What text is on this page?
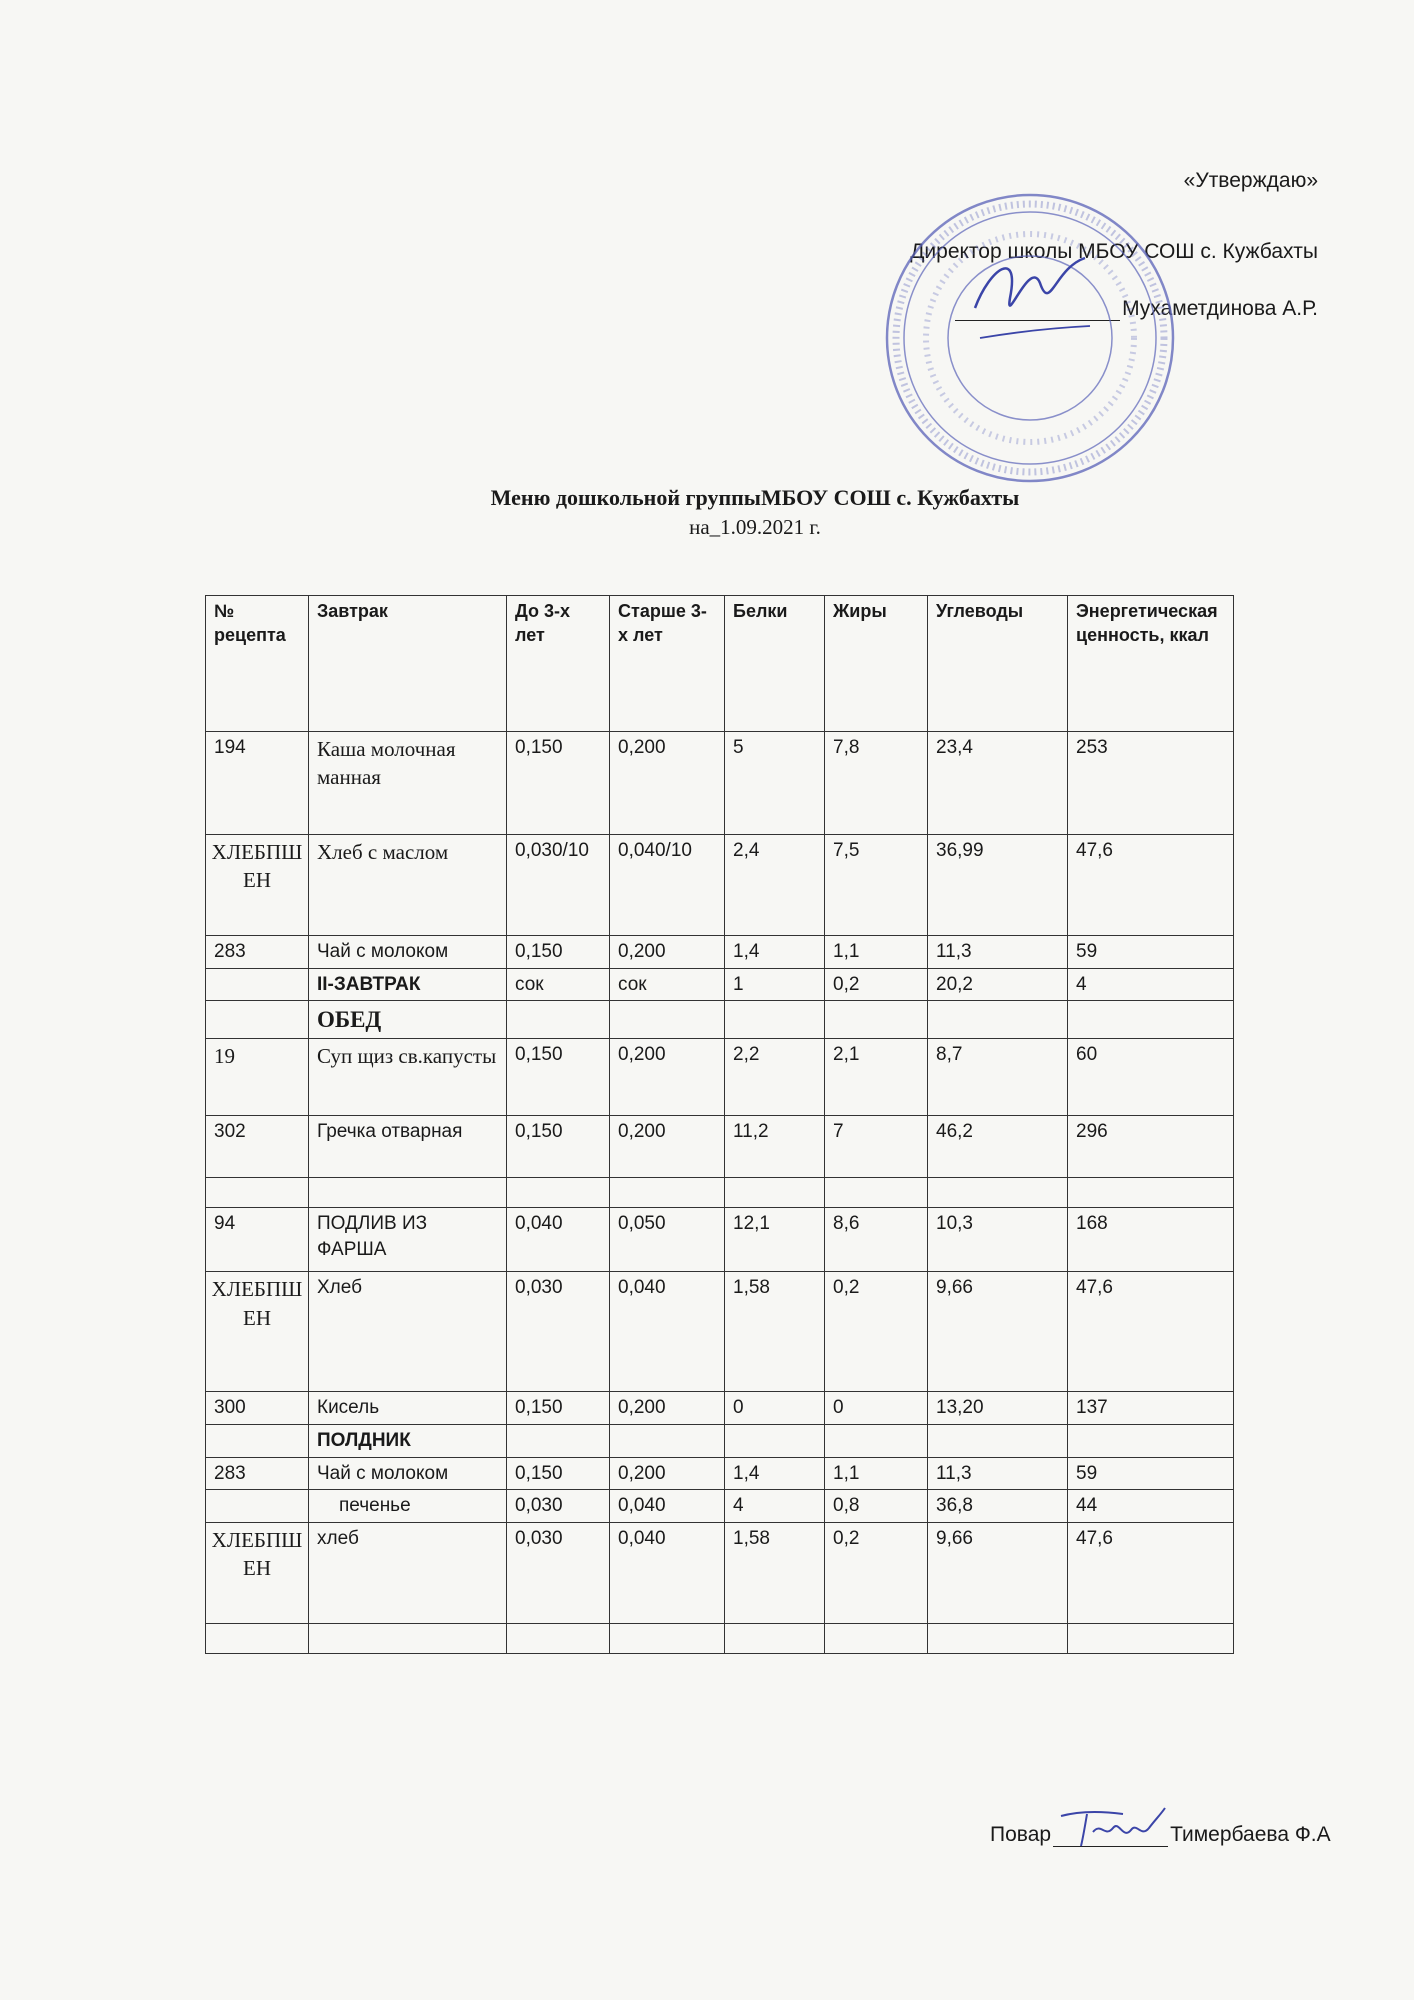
«Утверждаю»
Директор школы МБОУ СОШ с. Кужбахты
Мухаметдинова А.Р.
Меню дошкольной группыМБОУ СОШ с. Кужбахты
на_1.09.2021 г.
№ рецепта	Завтрак	До 3-х лет	Старше 3-х лет	Белки	Жиры	Углеводы	Энергетическая ценность, ккал
194	Каша молочная манная	0,150	0,200	5	7,8	23,4	253
ХЛЕБПШЕН	Хлеб с маслом	0,030/10	0,040/10	2,4	7,5	36,99	47,6
283	Чай с молоком	0,150	0,200	1,4	1,1	11,3	59
	II-ЗАВТРАК	сок	сок	1	0,2	20,2	4
	ОБЕД						
19	Суп щиз св.капусты	0,150	0,200	2,2	2,1	8,7	60
302	Гречка отварная	0,150	0,200	11,2	7	46,2	296

94	ПОДЛИВ ИЗ ФАРША	0,040	0,050	12,1	8,6	10,3	168
ХЛЕБПШЕН	Хлеб	0,030	0,040	1,58	0,2	9,66	47,6
300	Кисель	0,150	0,200	0	0	13,20	137
	ПОЛДНИК						
283	Чай с молоком	0,150	0,200	1,4	1,1	11,3	59
	печенье	0,030	0,040	4	0,8	36,8	44
ХЛЕБПШЕН	хлеб	0,030	0,040	1,58	0,2	9,66	47,6

Повар	Тимербаева Ф.А
